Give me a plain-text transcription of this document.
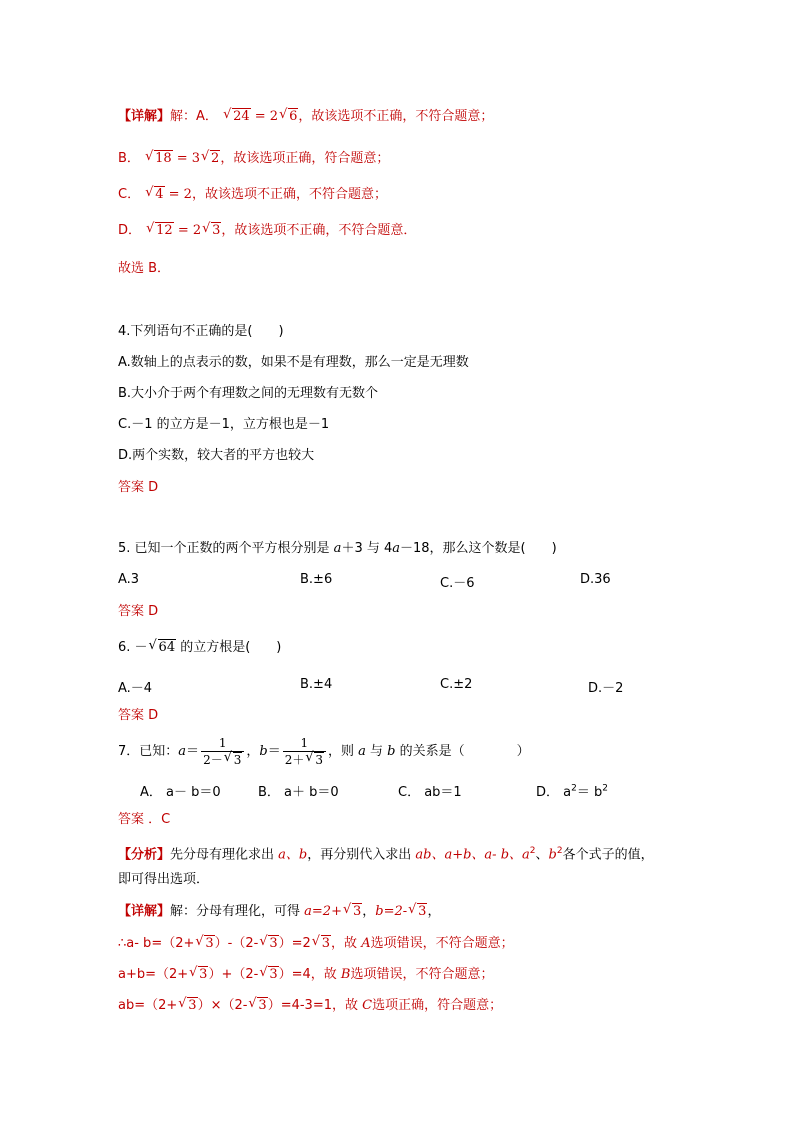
【详解】解：A． √ 24 = 2 √ 6，故该选项不正确，不符合题意；
B． √ 18 = 3 √ 2，故该选项正确，符合题意；
C． √ 4 = 2，故该选项不正确，不符合题意；
D． √ 12 = 2 √ 3，故该选项不正确，不符合题意．
故选 B．
4.下列语句不正确的是(　　)
A.数轴上的点表示的数，如果不是有理数，那么一定是无理数
B.大小介于两个有理数之间的无理数有无数个
C.－1 的立方是－1，立方根也是－1
D.两个实数，较大者的平方也较大
答案 D
5. 已知一个正数的两个平方根分别是 a＋3 与 4a－18，那么这个数是(　　)
A.3	B.±6	C.－6	D.36
答案 D
6. － √ 64 的立方根是(　　)
A.－4	B.±4	C.±2	D.－2
答案 D
7．已知：$a= \frac{1}{2- √ 3}$ ，$b= \frac{1}{2+ √ 3}$ ，则 a 与 b 的关系是（　　　　）
A． a－ b＝0	B． a＋ b＝0	C． ab＝1	D． $a^2= b^2$
答案 ．C
【分析】先分母有理化求出 a、b，再分别代入求出 ab、a+b、a- b、$a^2$、$b^2$各个式子的值，
即可得出选项．
【详解】解：分母有理化，可得 a=2+ √ 3，b=2- √ 3，
∴a- b=（2+ √ 3）-（2- √ 3）=2 √ 3，故 A选项错误，不符合题意；
a+b=（2+ √ 3）+（2- √ 3）=4，故 B选项错误，不符合题意；
ab=（2+ √ 3）×（2- √ 3）=4-3=1，故 C选项正确，符合题意；
